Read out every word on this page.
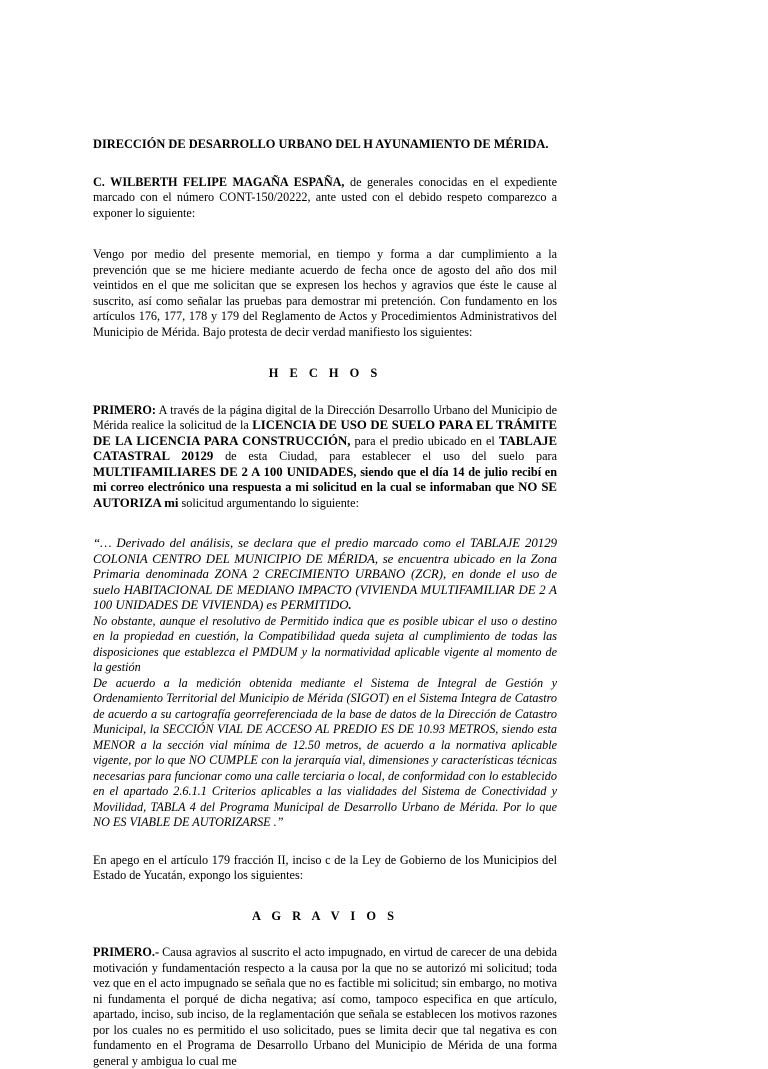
DIRECCIÓN DE DESARROLLO URBANO DEL H AYUNAMIENTO DE MÉRIDA.

C. WILBERTH FELIPE MAGAÑA ESPAÑA, de generales conocidas en el expediente marcado con el número CONT-150/20222, ante usted con el debido respeto comparezco a exponer lo siguiente:

Vengo por medio del presente memorial, en tiempo y forma a dar cumplimiento a la prevención que se me hiciere mediante acuerdo de fecha once de agosto del año dos mil veintidos en el que me solicitan que se expresen los hechos y agravios que éste le cause al suscrito, así como señalar las pruebas para demostrar mi pretención. Con fundamento en los artículos 176, 177, 178 y 179 del Reglamento de Actos y Procedimientos Administrativos del Municipio de Mérida. Bajo protesta de decir verdad manifiesto los siguientes:

H E C H O S

PRIMERO: A través de la página digital de la Dirección Desarrollo Urbano del Municipio de Mérida realice la solicitud de la LICENCIA DE USO DE SUELO PARA EL TRÁMITE DE LA LICENCIA PARA CONSTRUCCIÓN, para el predio ubicado en el TABLAJE CATASTRAL 20129 de esta Ciudad, para establecer el uso del suelo para MULTIFAMILIARES DE 2 A 100 UNIDADES, siendo que el día 14 de julio recibí en mi correo electrónico una respuesta a mi solicitud en la cual se informaban que NO SE AUTORIZA mi solicitud argumentando lo siguiente:

“… Derivado del análisis, se declara que el predio marcado como el TABLAJE 20129 COLONIA CENTRO DEL MUNICIPIO DE MÉRIDA, se encuentra ubicado en la Zona Primaria denominada ZONA 2 CRECIMIENTO URBANO (ZCR), en donde el uso de suelo HABITACIONAL DE MEDIANO IMPACTO (VIVIENDA MULTIFAMILIAR DE 2 A 100 UNIDADES DE VIVIENDA) es PERMITIDO.

No obstante, aunque el resolutivo de Permitido indica que es posible ubicar el uso o destino en la propiedad en cuestión, la Compatibilidad queda sujeta al cumplimiento de todas las disposiciones que establezca el PMDUM y la normatividad aplicable vigente al momento de la gestión

De acuerdo a la medición obtenida mediante el Sistema de Integral de Gestión y Ordenamiento Territorial del Municipio de Mérida (SIGOT) en el Sistema Integra de Catastro de acuerdo a su cartografía georreferenciada de la base de datos de la Dirección de Catastro Municipal, la SECCIÓN VIAL DE ACCESO AL PREDIO ES DE 10.93 METROS, siendo esta MENOR a la sección vial mínima de 12.50 metros, de acuerdo a la normativa aplicable vigente, por lo que NO CUMPLE con la jerarquía vial, dimensiones y características técnicas necesarias para funcionar como una calle terciaria o local, de conformidad con lo establecido en el apartado 2.6.1.1 Criterios aplicables a las vialidades del Sistema de Conectividad y Movilidad, TABLA 4 del Programa Municipal de Desarrollo Urbano de Mérida. Por lo que NO ES VIABLE DE AUTORIZARSE .”

En apego en el artículo 179 fracción II, inciso c de la Ley de Gobierno de los Municipios del Estado de Yucatán, expongo los siguientes:

A G R A V I O S

PRIMERO.- Causa agravios al suscrito el acto impugnado, en virtud de carecer de una debida motivación y fundamentación respecto a la causa por la que no se autorizó mi solicitud; toda vez que en el acto impugnado se señala que no es factible mi solicitud; sin embargo, no motiva ni fundamenta el porqué de dicha negativa; así como, tampoco especifica en que artículo, apartado, inciso, sub inciso, de la reglamentación que señala se establecen los motivos razones por los cuales no es permitido el uso solicitado, pues se limita decir que tal negativa es con fundamento en el Programa de Desarrollo Urbano del Municipio de Mérida de una forma general y ambigua lo cual me
